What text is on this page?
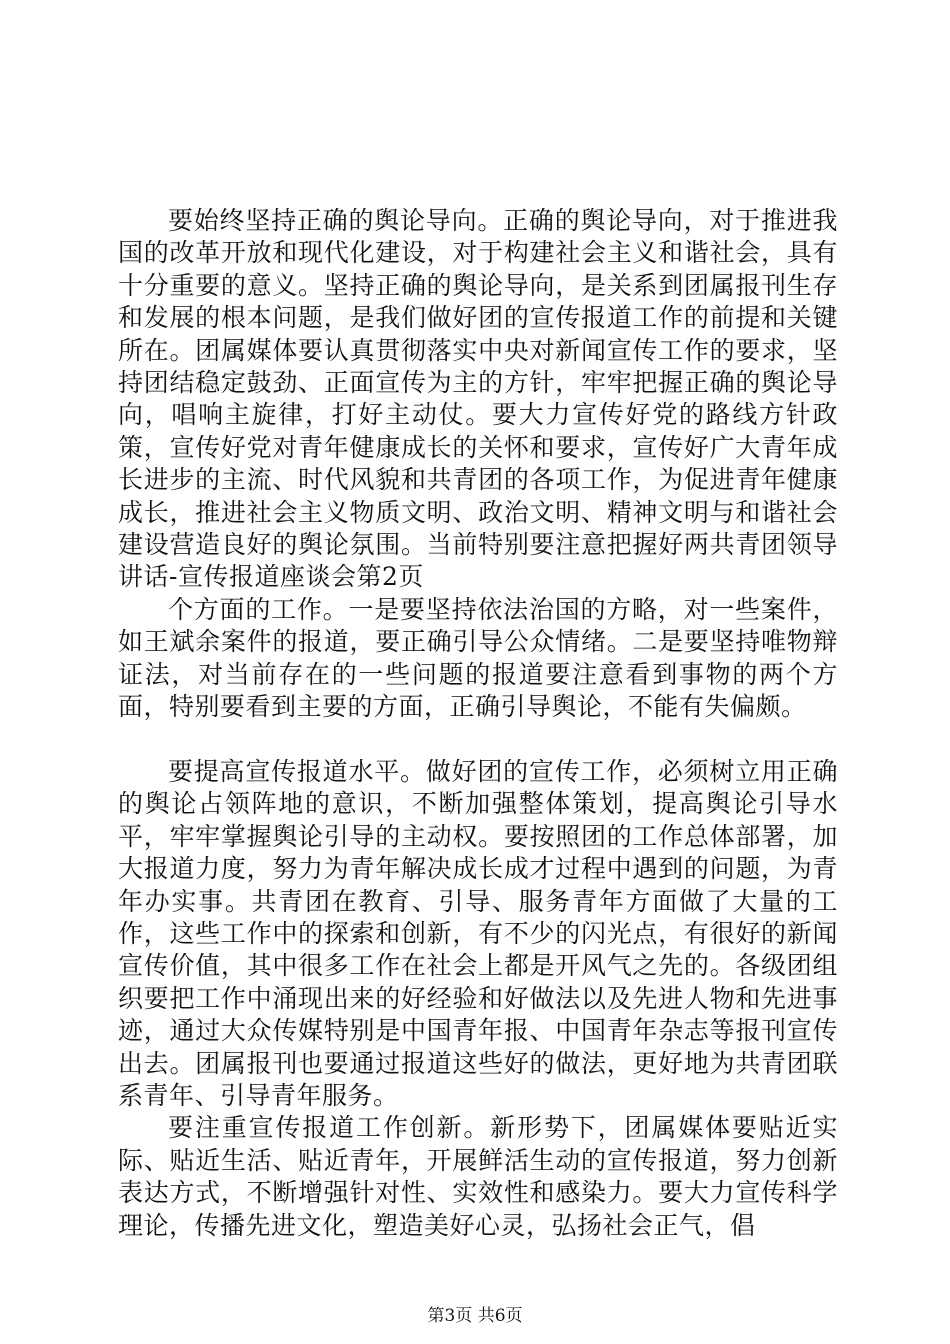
要始终坚持正确的舆论导向。正确的舆论导向，对于推进我国的改革开放和现代化建设，对于构建社会主义和谐社会，具有十分重要的意义。坚持正确的舆论导向，是关系到团属报刊生存和发展的根本问题，是我们做好团的宣传报道工作的前提和关键所在。团属媒体要认真贯彻落实中央对新闻宣传工作的要求，坚持团结稳定鼓劲、正面宣传为主的方针，牢牢把握正确的舆论导向，唱响主旋律，打好主动仗。要大力宣传好党的路线方针政策，宣传好党对青年健康成长的关怀和要求，宣传好广大青年成长进步的主流、时代风貌和共青团的各项工作，为促进青年健康成长，推进社会主义物质文明、政治文明、精神文明与和谐社会建设营造良好的舆论氛围。当前特别要注意把握好两共青团领导讲话-宣传报道座谈会第2页

个方面的工作。一是要坚持依法治国的方略，对一些案件，如王斌余案件的报道，要正确引导公众情绪。二是要坚持唯物辩证法，对当前存在的一些问题的报道要注意看到事物的两个方面，特别要看到主要的方面，正确引导舆论，不能有失偏颇。

要提高宣传报道水平。做好团的宣传工作，必须树立用正确的舆论占领阵地的意识，不断加强整体策划，提高舆论引导水平，牢牢掌握舆论引导的主动权。要按照团的工作总体部署，加大报道力度，努力为青年解决成长成才过程中遇到的问题，为青年办实事。共青团在教育、引导、服务青年方面做了大量的工作，这些工作中的探索和创新，有不少的闪光点，有很好的新闻宣传价值，其中很多工作在社会上都是开风气之先的。各级团组织要把工作中涌现出来的好经验和好做法以及先进人物和先进事迹，通过大众传媒特别是中国青年报、中国青年杂志等报刊宣传出去。团属报刊也要通过报道这些好的做法，更好地为共青团联系青年、引导青年服务。

要注重宣传报道工作创新。新形势下，团属媒体要贴近实际、贴近生活、贴近青年，开展鲜活生动的宣传报道，努力创新表达方式，不断增强针对性、实效性和感染力。要大力宣传科学理论，传播先进文化，塑造美好心灵，弘扬社会正气，倡

第3页 共6页
